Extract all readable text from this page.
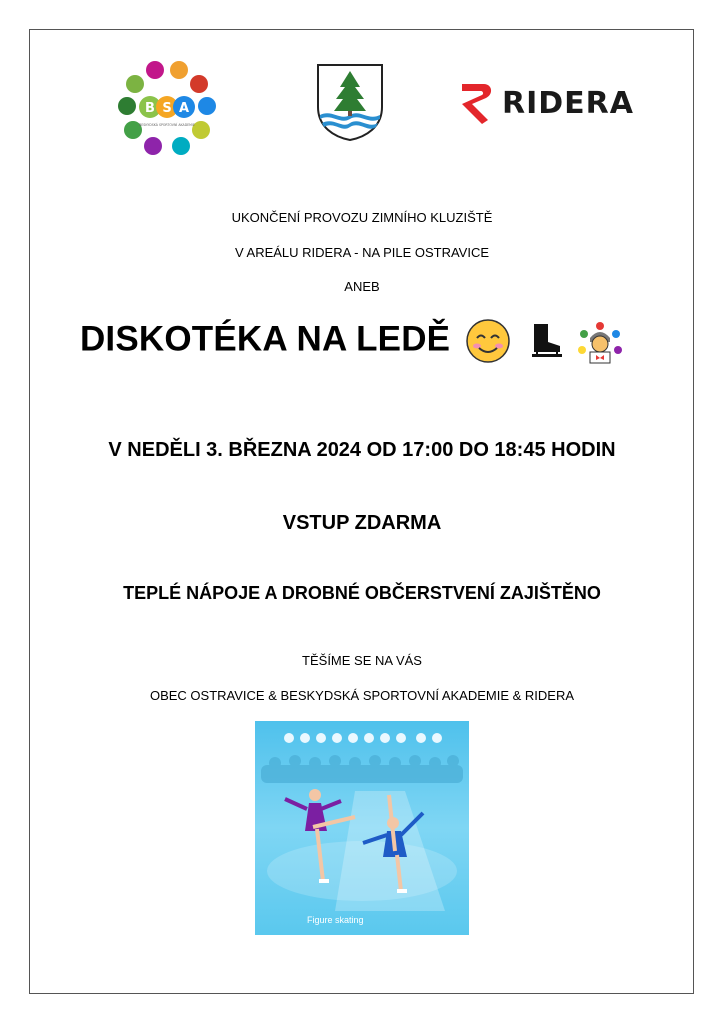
B S A
BESKYDSKÁ SPORTOVNÍ AKADEMIE
RIDERA
UKONČENÍ PROVOZU ZIMNÍHO KLUZIŠTĚ
V AREÁLU RIDERA - NA PILE OSTRAVICE
ANEB
DISKOTÉKA NA LEDĚ
V NEDĚLI 3. BŘEZNA 2024 OD 17:00 DO 18:45 HODIN
VSTUP ZDARMA
TEPLÉ NÁPOJE A DROBNÉ OBČERSTVENÍ ZAJIŠTĚNO
TĚŠÍME SE NA VÁS
OBEC OSTRAVICE & BESKYDSKÁ SPORTOVNÍ AKADEMIE & RIDERA
Figure skating
